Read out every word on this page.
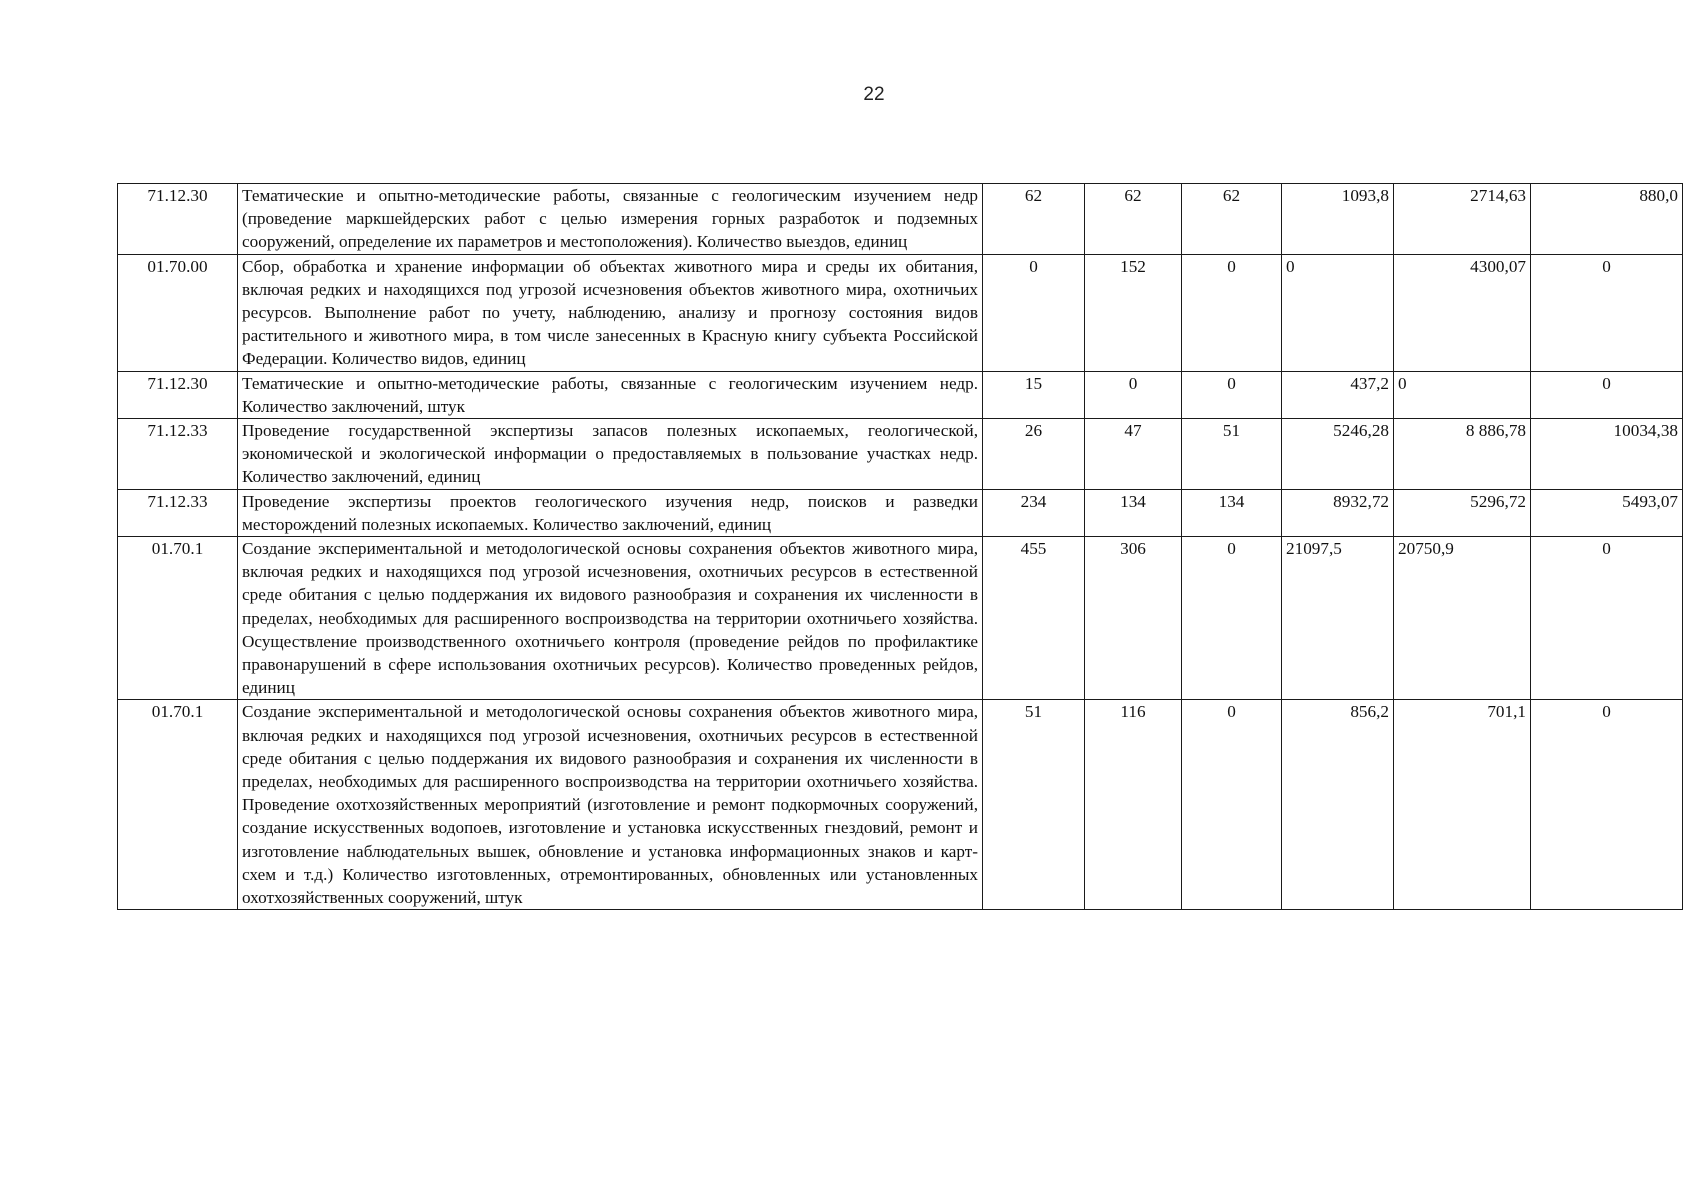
22
71.12.30	Тематические и опытно-методические работы, связанные с геологическим изучением недр (проведение маркшейдерских работ с целью измерения горных разработок и подземных сооружений, определение их параметров и местоположения). Количество выездов, единиц	62	62	62	1093,8	2714,63	880,0
01.70.00	Сбор, обработка и хранение информации об объектах животного мира и среды их обитания, включая редких и находящихся под угрозой исчезновения объектов животного мира, охотничьих ресурсов. Выполнение работ по учету, наблюдению, анализу и прогнозу состояния видов растительного и животного мира, в том числе занесенных в Красную книгу субъекта Российской Федерации. Количество видов, единиц	0	152	0	0	4300,07	0
71.12.30	Тематические и опытно-методические работы, связанные с геологическим изучением недр. Количество заключений, штук	15	0	0	437,2	0	0
71.12.33	Проведение государственной экспертизы запасов полезных ископаемых, геологической, экономической и экологической информации о предоставляемых в пользование участках недр. Количество заключений, единиц	26	47	51	5246,28	8 886,78	10034,38
71.12.33	Проведение экспертизы проектов геологического изучения недр, поисков и разведки месторождений полезных ископаемых. Количество заключений, единиц	234	134	134	8932,72	5296,72	5493,07
01.70.1	Создание экспериментальной и методологической основы сохранения объектов животного мира, включая редких и находящихся под угрозой исчезновения, охотничьих ресурсов в естественной среде обитания с целью поддержания их видового разнообразия и сохранения их численности в пределах, необходимых для расширенного воспроизводства на территории охотничьего хозяйства. Осуществление производственного охотничьего контроля (проведение рейдов по профилактике правонарушений в сфере использования охотничьих ресурсов). Количество проведенных рейдов, единиц	455	306	0	21097,5	20750,9	0
01.70.1	Создание экспериментальной и методологической основы сохранения объектов животного мира, включая редких и находящихся под угрозой исчезновения, охотничьих ресурсов в естественной среде обитания с целью поддержания их видового разнообразия и сохранения их численности в пределах, необходимых для расширенного воспроизводства на территории охотничьего хозяйства. Проведение охотхозяйственных мероприятий (изготовление и ремонт подкормочных сооружений, создание искусственных водопоев, изготовление и установка искусственных гнездовий, ремонт и изготовление наблюдательных вышек, обновление и установка информационных знаков и карт-схем и т.д.) Количество изготовленных, отремонтированных, обновленных или установленных охотхозяйственных сооружений, штук	51	116	0	856,2	701,1	0
